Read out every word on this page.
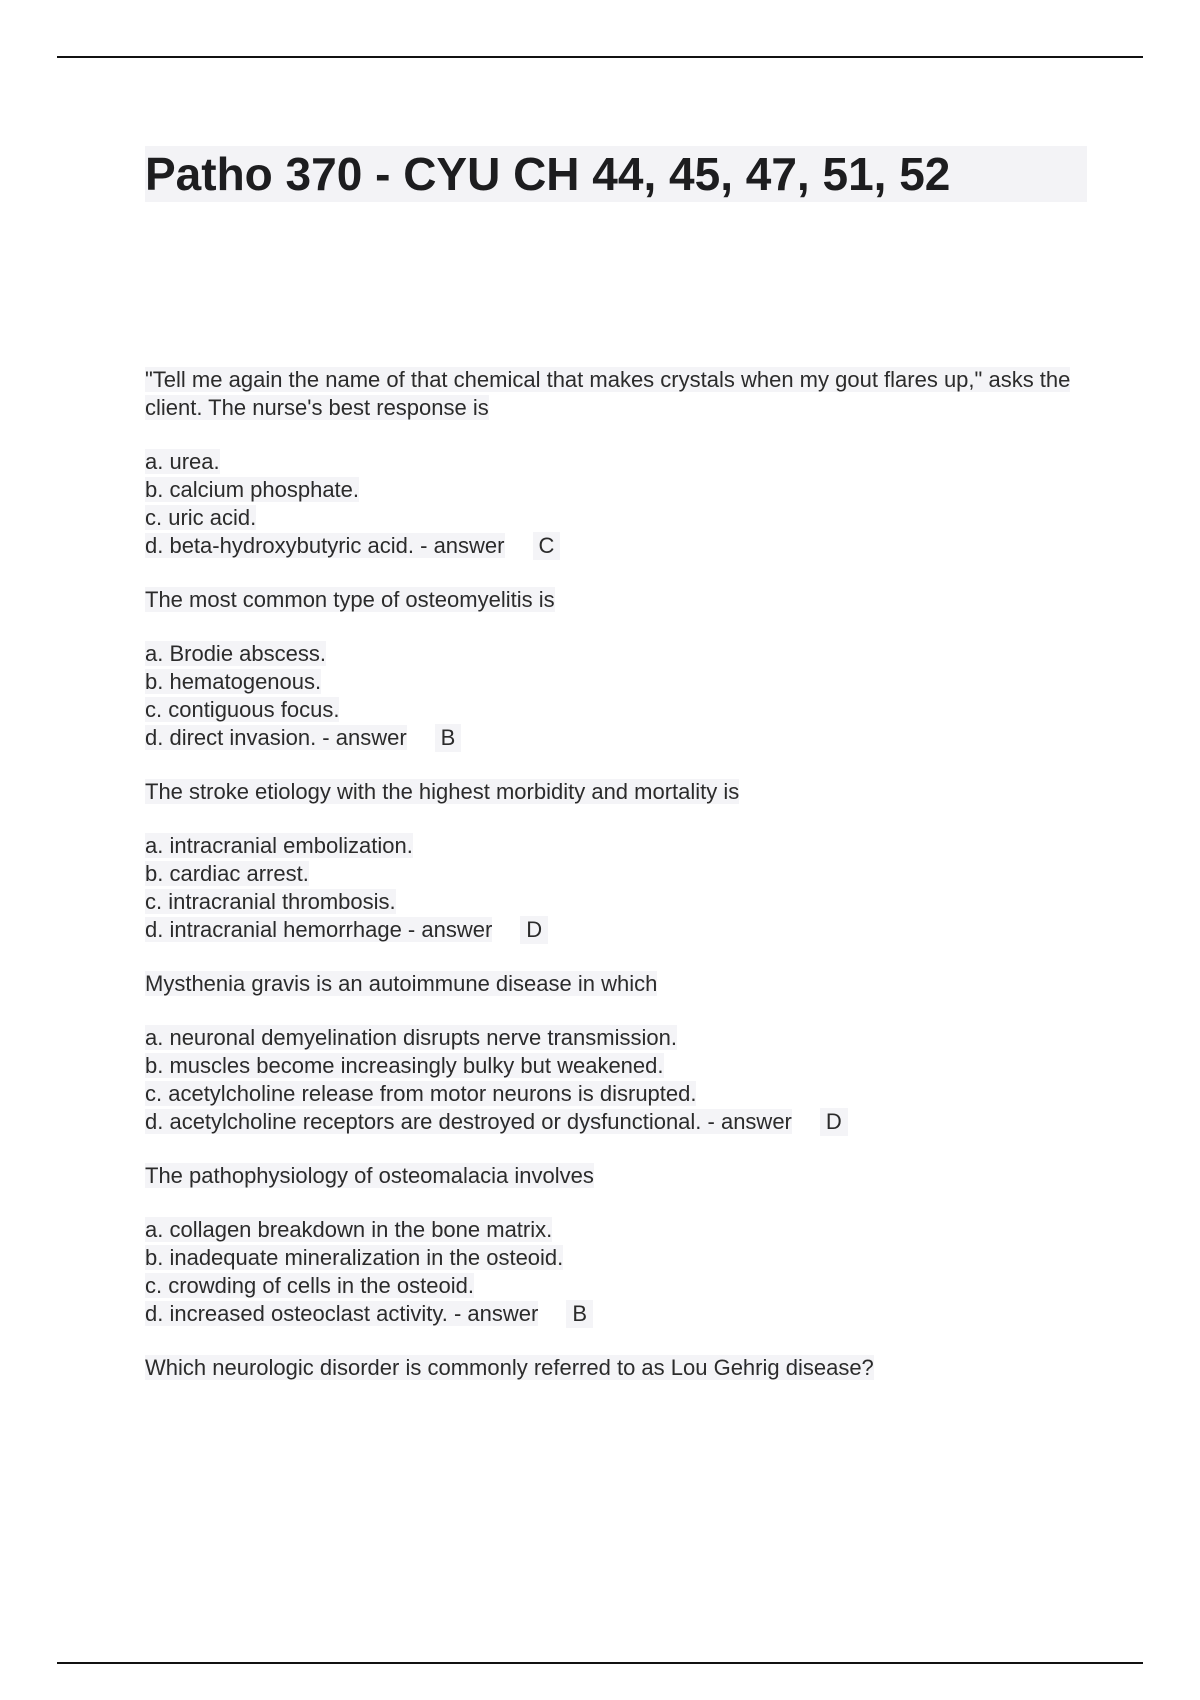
Patho 370 - CYU CH 44, 45, 47, 51, 52
"Tell me again the name of that chemical that makes crystals when my gout flares up," asks the client. The nurse's best response is
a. urea.
b. calcium phosphate.
c. uric acid.
d. beta-hydroxybutyric acid. - answer C
The most common type of osteomyelitis is
a. Brodie abscess.
b. hematogenous.
c. contiguous focus.
d. direct invasion. - answer B
The stroke etiology with the highest morbidity and mortality is
a. intracranial embolization.
b. cardiac arrest.
c. intracranial thrombosis.
d. intracranial hemorrhage - answer D
Mysthenia gravis is an autoimmune disease in which
a. neuronal demyelination disrupts nerve transmission.
b. muscles become increasingly bulky but weakened.
c. acetylcholine release from motor neurons is disrupted.
d. acetylcholine receptors are destroyed or dysfunctional. - answer D
The pathophysiology of osteomalacia involves
a. collagen breakdown in the bone matrix.
b. inadequate mineralization in the osteoid.
c. crowding of cells in the osteoid.
d. increased osteoclast activity. - answer B
Which neurologic disorder is commonly referred to as Lou Gehrig disease?
